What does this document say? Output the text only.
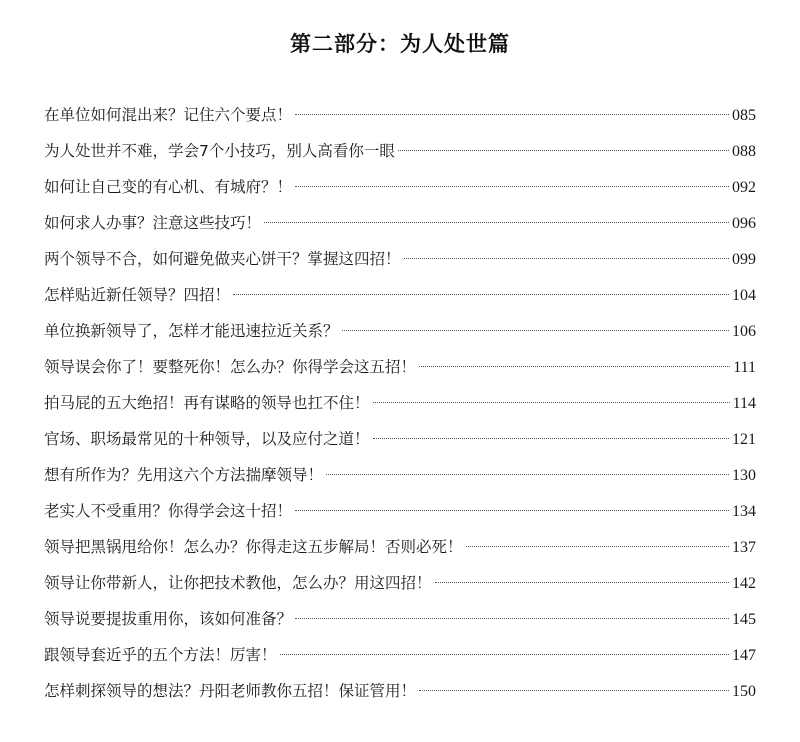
第二部分：为人处世篇
在单位如何混出来？记住六个要点！	085
为人处世并不难，学会7个小技巧，别人高看你一眼	088
如何让自己变的有心机、有城府？！	092
如何求人办事？注意这些技巧！	096
两个领导不合，如何避免做夹心饼干？掌握这四招！	099
怎样贴近新任领导？四招！	104
单位换新领导了，怎样才能迅速拉近关系？	106
领导误会你了！要整死你！怎么办？你得学会这五招！	111
拍马屁的五大绝招！再有谋略的领导也扛不住！	114
官场、职场最常见的十种领导，以及应付之道！	121
想有所作为？先用这六个方法揣摩领导！	130
老实人不受重用？你得学会这十招！	134
领导把黑锅甩给你！怎么办？你得走这五步解局！否则必死！	137
领导让你带新人，让你把技术教他，怎么办？用这四招！	142
领导说要提拔重用你，该如何准备？	145
跟领导套近乎的五个方法！厉害！	147
怎样刺探领导的想法？丹阳老师教你五招！保证管用！	150
